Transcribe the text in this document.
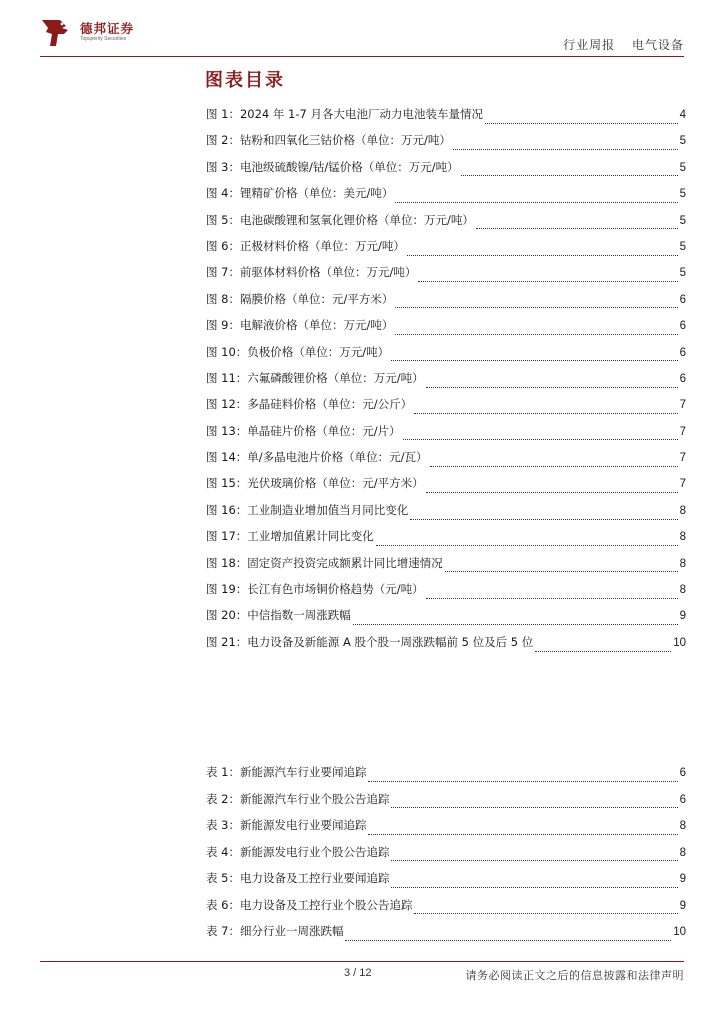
德邦证券
Topsperity Securities	行业周报 电气设备
图表目录
图 1：2024 年 1-7 月各大电池厂动力电池装车量情况	4
图 2：钴粉和四氧化三钴价格（单位：万元/吨）	5
图 3：电池级硫酸镍/钴/锰价格（单位：万元/吨）	5
图 4：锂精矿价格（单位：美元/吨）	5
图 5：电池碳酸锂和氢氧化锂价格（单位：万元/吨）	5
图 6：正极材料价格（单位：万元/吨）	5
图 7：前驱体材料价格（单位：万元/吨）	5
图 8：隔膜价格（单位：元/平方米）	6
图 9：电解液价格（单位：万元/吨）	6
图 10：负极价格（单位：万元/吨）	6
图 11：六氟磷酸锂价格（单位：万元/吨）	6
图 12：多晶硅料价格（单位：元/公斤）	7
图 13：单晶硅片价格（单位：元/片）	7
图 14：单/多晶电池片价格（单位：元/瓦）	7
图 15：光伏玻璃价格（单位：元/平方米）	7
图 16：工业制造业增加值当月同比变化	8
图 17：工业增加值累计同比变化	8
图 18：固定资产投资完成额累计同比增速情况	8
图 19：长江有色市场铜价格趋势（元/吨）	8
图 20：中信指数一周涨跌幅	9
图 21：电力设备及新能源 A 股个股一周涨跌幅前 5 位及后 5 位	10
表 1：新能源汽车行业要闻追踪	6
表 2：新能源汽车行业个股公告追踪	6
表 3：新能源发电行业要闻追踪	8
表 4：新能源发电行业个股公告追踪	8
表 5：电力设备及工控行业要闻追踪	9
表 6：电力设备及工控行业个股公告追踪	9
表 7：细分行业一周涨跌幅	10
3 / 12	请务必阅读正文之后的信息披露和法律声明
